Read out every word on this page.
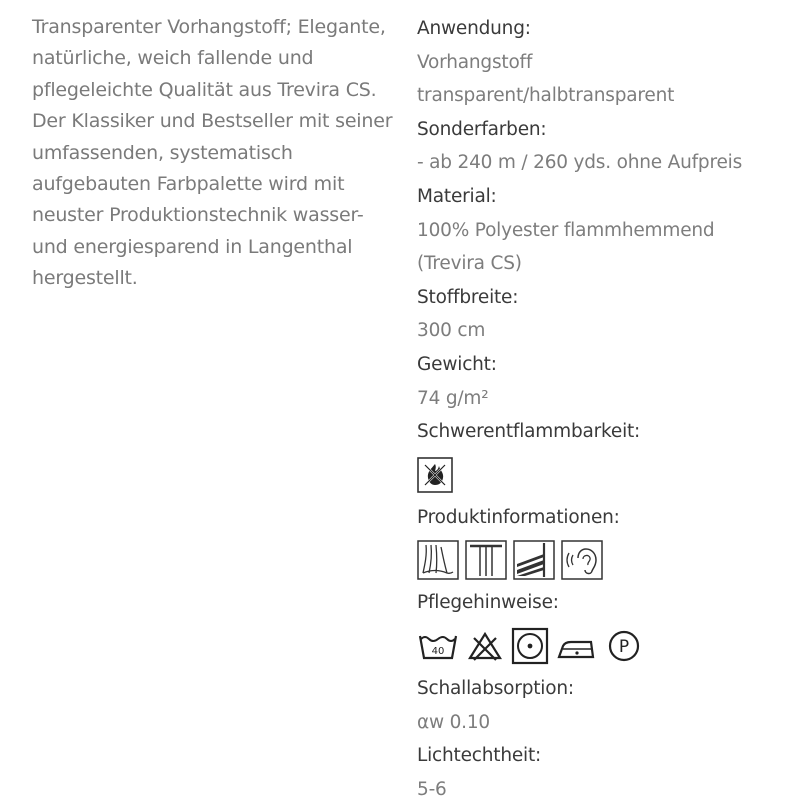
Transparenter Vorhangstoff; Elegante, natürliche, weich fallende und pflegeleichte Qualität aus Trevira CS. Der Klassiker und Bestseller mit seiner umfassenden, systematisch aufgebauten Farbpalette wird mit neuster Produktionstechnik wasser- und energiesparend in Langenthal hergestellt.

Anwendung:
Vorhangstoff
transparent/halbtransparent
Sonderfarben:
- ab 240 m / 260 yds. ohne Aufpreis
Material:
100% Polyester flammhemmend
(Trevira CS)
Stoffbreite:
300 cm
Gewicht:
74 g/m²
Schwerentflammbarkeit:
Produktinformationen:
Pflegehinweise:
40	P
Schallabsorption:
αw 0.10
Lichtechtheit:
5-6
